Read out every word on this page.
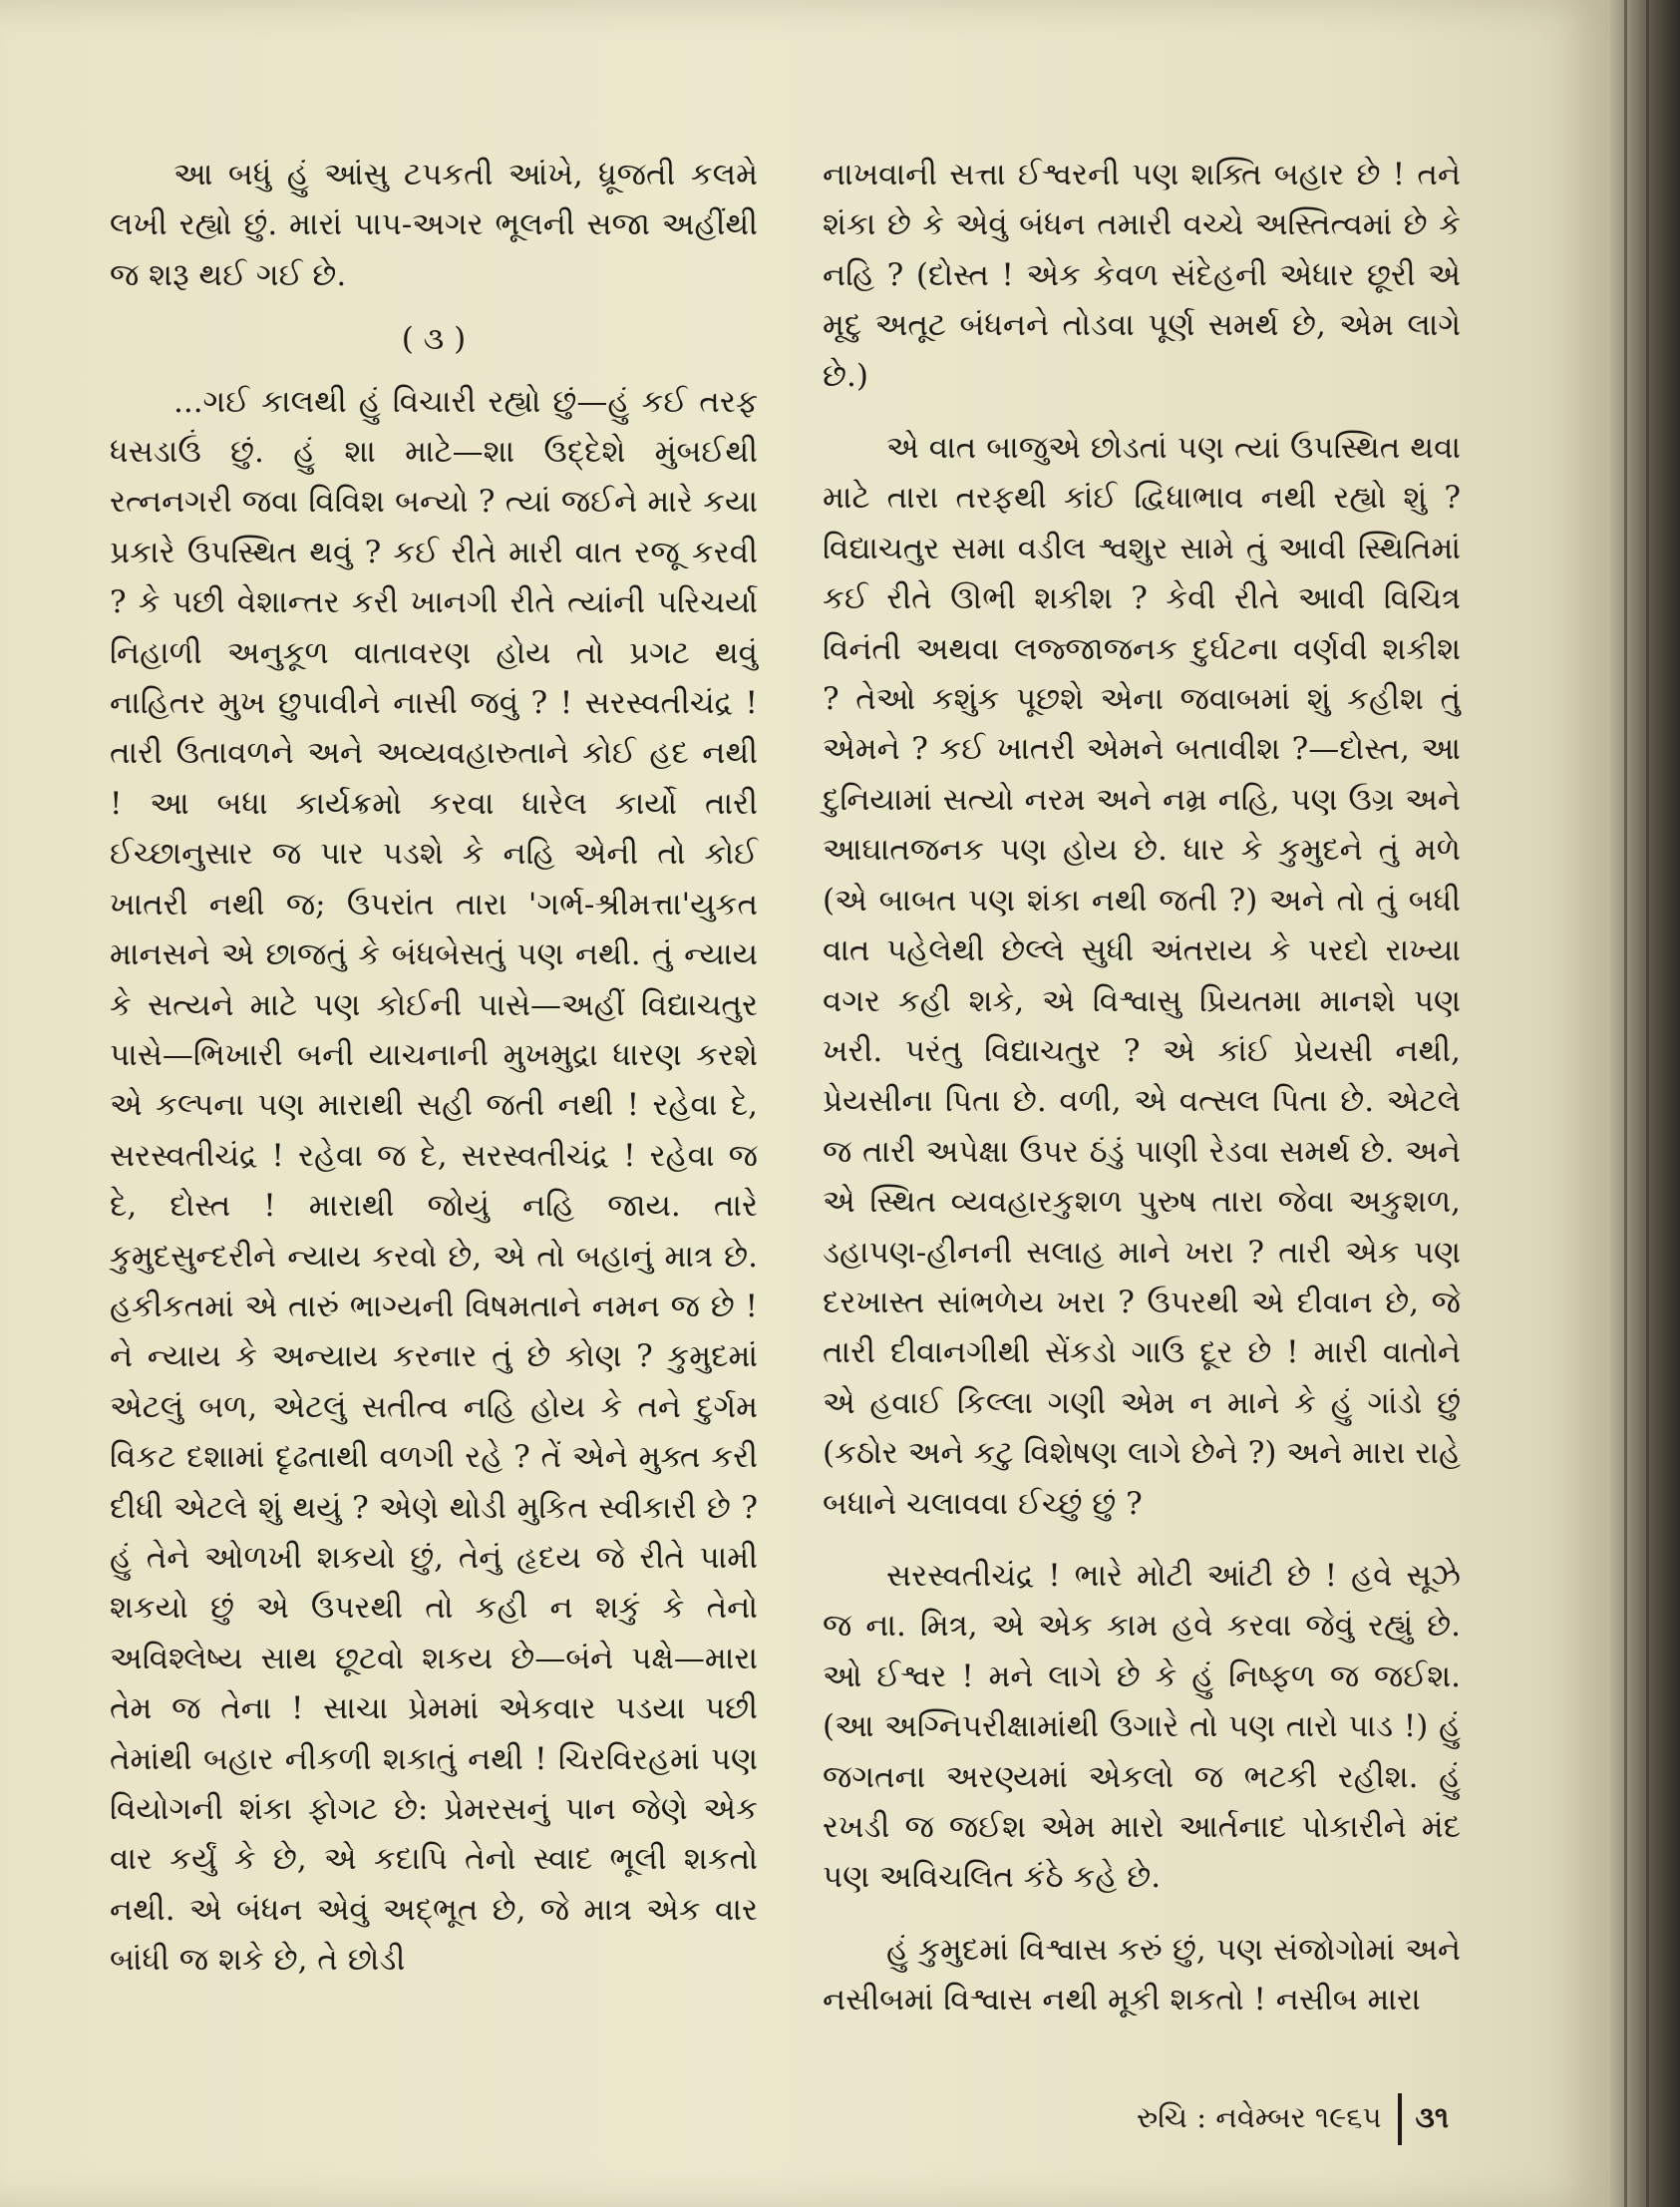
આ બધું હું આંસુ ટપકતી આંખે, ધ્રૂજતી કલમે લખી રહ્યો છું. મારાં પાપ-અગર ભૂલની સજા અહીંથી જ શરૂ થઈ ગઈ છે.

( ૩ )

...ગઈ કાલથી હું વિચારી રહ્યો છું—હું કઈ તરફ ધસડાઉં છું. હું શા માટે—શા ઉદ્દેશે મુંબઈથી રત્નનગરી જવા વિવિશ બન્યો ? ત્યાં જઈને મારે કયા પ્રકારે ઉપસ્થિત થવું ? કઈ રીતે મારી વાત રજૂ કરવી ? કે પછી વેશાન્તર કરી ખાનગી રીતે ત્યાંની પરિચર્યા નિહાળી અનુકૂળ વાતાવરણ હોય તો પ્રગટ થવું નાહિતર મુખ છુપાવીને નાસી જવું ? ! સરસ્વતીચંદ્ર ! તારી ઉતાવળને અને અવ્યવહારુતાને કોઈ હદ નથી ! આ બધા કાર્યક્રમો કરવા ધારેલ કાર્યો તારી ઈચ્છાનુસાર જ પાર પડશે કે નહિ એની તો કોઈ ખાતરી નથી જ; ઉપરાંત તારા 'ગર્ભ-શ્રીમત્તા'યુકત માનસને એ છાજતું કે બંધબેસતું પણ નથી. તું ન્યાય કે સત્યને માટે પણ કોઈની પાસે—અહીં વિદ્યાચતુર પાસે—ભિખારી બની યાચનાની મુખમુદ્રા ધારણ કરશે એ કલ્પના પણ મારાથી સહી જતી નથી ! રહેવા દે, સરસ્વતીચંદ્ર ! રહેવા જ દે, સરસ્વતીચંદ્ર ! રહેવા જ દે, દોસ્ત ! મારાથી જોયું નહિ જાય. તારે કુમુદસુન્દરીને ન્યાય કરવો છે, એ તો બહાનું માત્ર છે. હકીકતમાં એ તારું ભાગ્યની વિષમતાને નમન જ છે ! ને ન્યાય કે અન્યાય કરનાર તું છે કોણ ? કુમુદમાં એટલું બળ, એટલું સતીત્વ નહિ હોય કે તને દુર્ગમ વિકટ દશામાં દૃઢતાથી વળગી રહે ? તેં એને મુક્ત કરી દીધી એટલે શું થયું ? એણે થોડી મુકિત સ્વીકારી છે ? હું તેને ઓળખી શકયો છું, તેનું હૃદય જે રીતે પામી શકયો છું એ ઉપરથી તો કહી ન શકું કે તેનો અવિશ્લેષ્ય સાથ છૂટવો શકય છે—બંને પક્ષે—મારા તેમ જ તેના ! સાચા પ્રેમમાં એકવાર પડયા પછી તેમાંથી બહાર નીકળી શકાતું નથી ! ચિરવિરહમાં પણ વિયોગની શંકા ફોગટ છે: પ્રેમરસનું પાન જેણે એક વાર કર્યું કે છે, એ કદાપિ તેનો સ્વાદ ભૂલી શકતો નથી. એ બંધન એવું અદ્ભૂત છે, જે માત્ર એક વાર બાંધી જ શકે છે, તે છોડી

નાખવાની સત્તા ઈશ્વરની પણ શક્તિ બહાર છે ! તને શંકા છે કે એવું બંધન તમારી વચ્ચે અસ્તિત્વમાં છે કે નહિ ? (દોસ્ત ! એક કેવળ સંદેહની એધાર છૂરી એ મૃદુ અતૂટ બંધનને તોડવા પૂર્ણ સમર્થ છે, એમ લાગે છે.)

એ વાત બાજુએ છોડતાં પણ ત્યાં ઉપસ્થિત થવા માટે તારા તરફથી કાંઈ દ્વિધાભાવ નથી રહ્યો શું ? વિદ્યાચતુર સમા વડીલ શ્વશુર સામે તું આવી સ્થિતિમાં કઈ રીતે ઊભી શકીશ ? કેવી રીતે આવી વિચિત્ર વિનંતી અથવા લજ્જાજનક દુર્ઘટના વર્ણવી શકીશ ? તેઓ કશુંક પૂછશે એના જવાબમાં શું કહીશ તું એમને ? કઈ ખાતરી એમને બતાવીશ ?—દોસ્ત, આ દુનિયામાં સત્યો નરમ અને નમ્ર નહિ, પણ ઉગ્ર અને આઘાતજનક પણ હોય છે. ધાર કે કુમુદને તું મળે (એ બાબત પણ શંકા નથી જતી ?) અને તો તું બધી વાત પહેલેથી છેલ્લે સુધી અંતરાય કે પરદો રાખ્યા વગર કહી શકે, એ વિશ્વાસુ પ્રિયતમા માનશે પણ ખરી. પરંતુ વિદ્યાચતુર ? એ કાંઈ પ્રેયસી નથી, પ્રેયસીના પિતા છે. વળી, એ વત્સલ પિતા છે. એટલે જ તારી અપેક્ષા ઉપર ઠંડું પાણી રેડવા સમર્થ છે. અને એ સ્થિત વ્યવહારકુશળ પુરુષ તારા જેવા અકુશળ, ડહાપણ-હીનની સલાહ માને ખરા ? તારી એક પણ દરખાસ્ત સાંભળેય ખરા ? ઉપરથી એ દીવાન છે, જે તારી દીવાનગીથી સેંકડો ગાઉ દૂર છે ! મારી વાતોને એ હવાઈ કિલ્લા ગણી એમ ન માને કે હું ગાંડો છું (કઠોર અને કટુ વિશેષણ લાગે છેને ?) અને મારા રાહે બધાને ચલાવવા ઈચ્છું છું ?

સરસ્વતીચંદ્ર ! ભારે મોટી આંટી છે ! હવે સૂઝે જ ના. મિત્ર, એ એક કામ હવે કરવા જેવું રહ્યું છે. ઓ ઈશ્વર ! મને લાગે છે કે હું નિષ્ફળ જ જઈશ. (આ અગ્નિપરીક્ષામાંથી ઉગારે તો પણ તારો પાડ !) હું જગતના અરણ્યમાં એકલો જ ભટકી રહીશ. હું રખડી જ જઈશ એમ મારો આર્તનાદ પોકારીને મંદ પણ અવિચલિત કંઠે કહે છે.

હું કુમુદમાં વિશ્વાસ કરું છું, પણ સંજોગોમાં અને નસીબમાં વિશ્વાસ નથી મૂકી શકતો ! નસીબ મારા

રુચિ : નવેમ્બર ૧૯૬૫ ૩૧
